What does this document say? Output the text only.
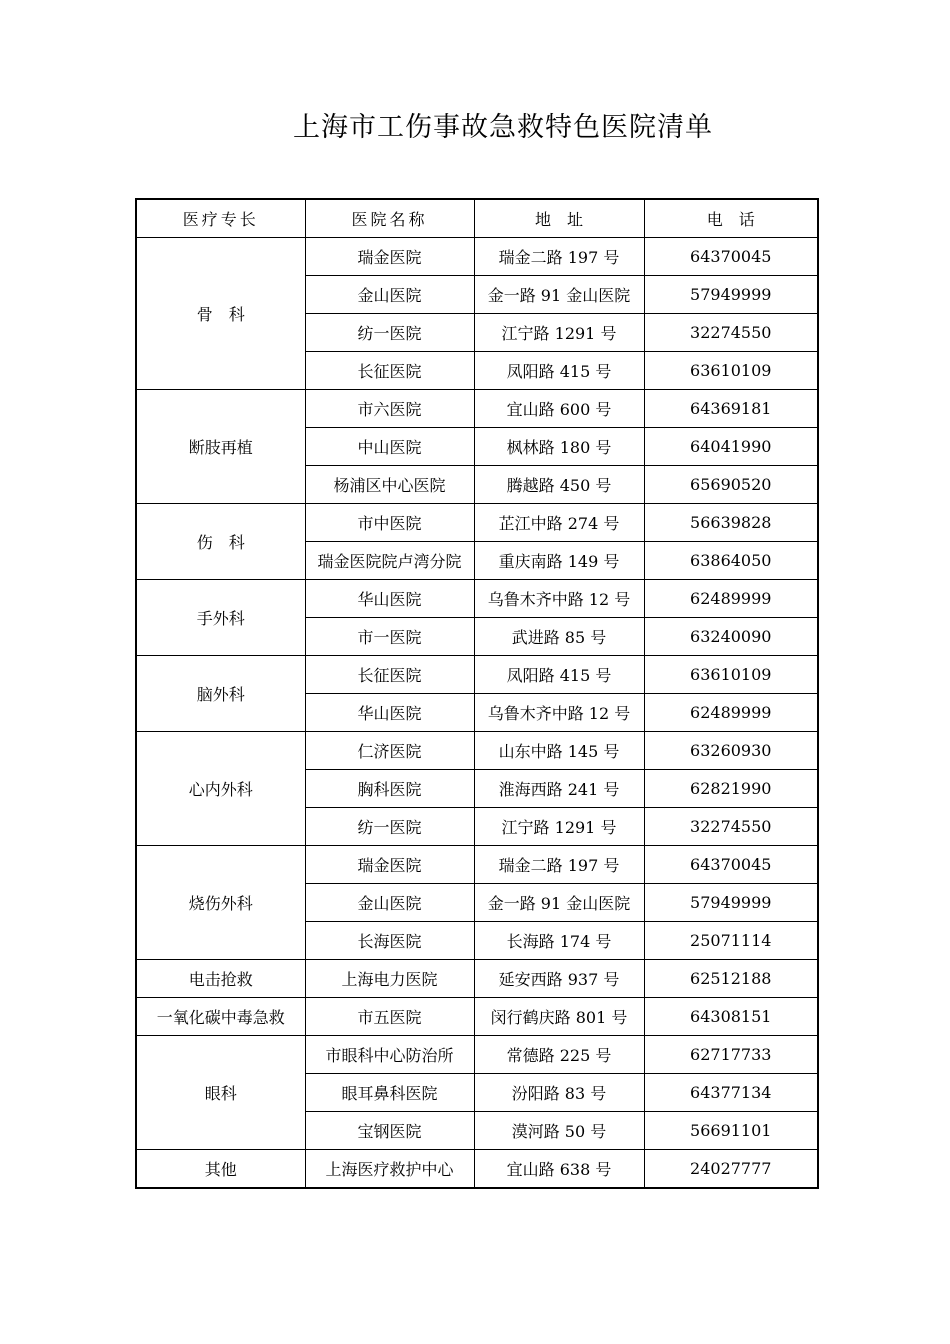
上海市工伤事故急救特色医院清单
医疗专长	医院名称	地　址	电　话
骨　科	瑞金医院	瑞金二路 197 号	64370045
	金山医院	金一路 91 金山医院	57949999
	纺一医院	江宁路 1291 号	32274550
	长征医院	凤阳路 415 号	63610109
断肢再植	市六医院	宜山路 600 号	64369181
	中山医院	枫林路 180 号	64041990
	杨浦区中心医院	腾越路 450 号	65690520
伤　科	市中医院	芷江中路 274 号	56639828
	瑞金医院院卢湾分院	重庆南路 149 号	63864050
手外科	华山医院	乌鲁木齐中路 12 号	62489999
	市一医院	武进路 85 号	63240090
脑外科	长征医院	凤阳路 415 号	63610109
	华山医院	乌鲁木齐中路 12 号	62489999
心内外科	仁济医院	山东中路 145 号	63260930
	胸科医院	淮海西路 241 号	62821990
	纺一医院	江宁路 1291 号	32274550
烧伤外科	瑞金医院	瑞金二路 197 号	64370045
	金山医院	金一路 91 金山医院	57949999
	长海医院	长海路 174 号	25071114
电击抢救	上海电力医院	延安西路 937 号	62512188
一氧化碳中毒急救	市五医院	闵行鹤庆路 801 号	64308151
眼科	市眼科中心防治所	常德路 225 号	62717733
	眼耳鼻科医院	汾阳路 83 号	64377134
	宝钢医院	漠河路 50 号	56691101
其他	上海医疗救护中心	宜山路 638 号	24027777
